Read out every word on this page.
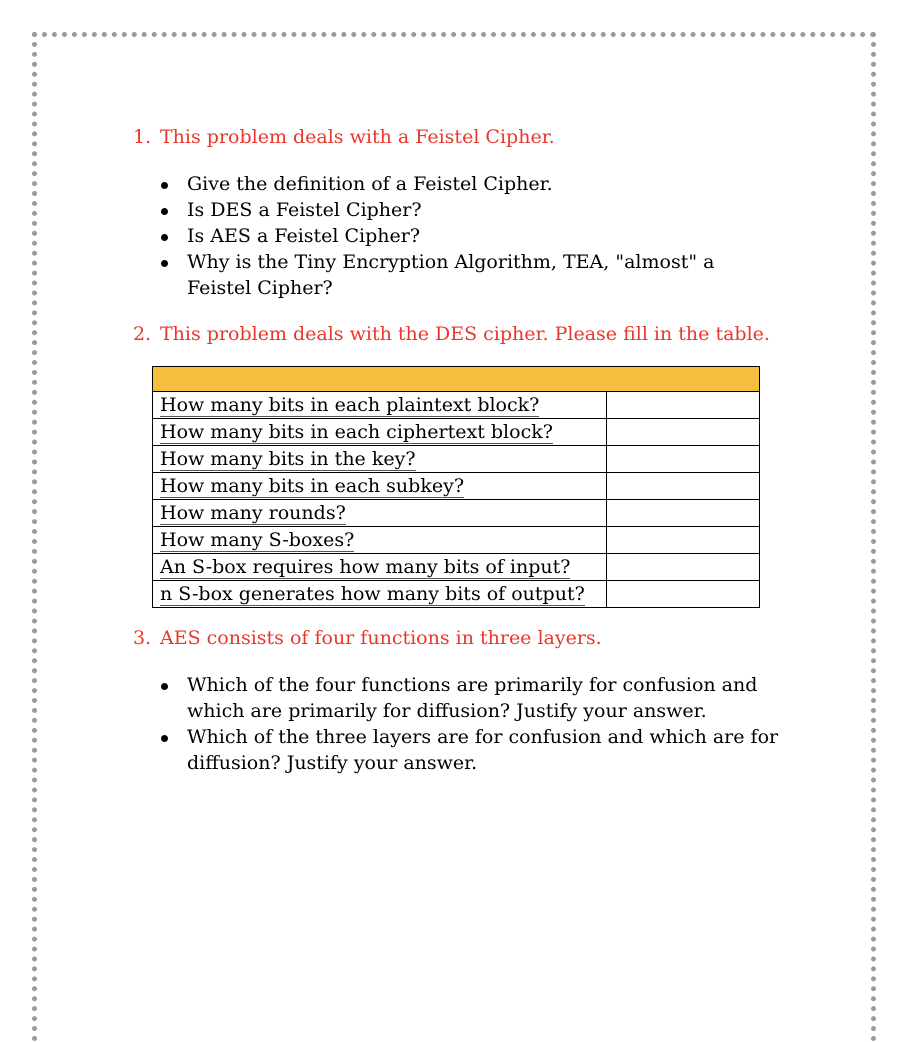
1. This problem deals with a Feistel Cipher.
Give the definition of a Feistel Cipher.
Is DES a Feistel Cipher?
Is AES a Feistel Cipher?
Why is the Tiny Encryption Algorithm, TEA, "almost" a Feistel Cipher?
2. This problem deals with the DES cipher. Please fill in the table.

How many bits in each plaintext block?	
How many bits in each ciphertext block?	
How many bits in the key?	
How many bits in each subkey?	
How many rounds?	
How many S-boxes?	
An S-box requires how many bits of input?	
n S-box generates how many bits of output?	
3. AES consists of four functions in three layers.
Which of the four functions are primarily for confusion and which are primarily for diffusion? Justify your answer.
Which of the three layers are for confusion and which are for diffusion? Justify your answer.
